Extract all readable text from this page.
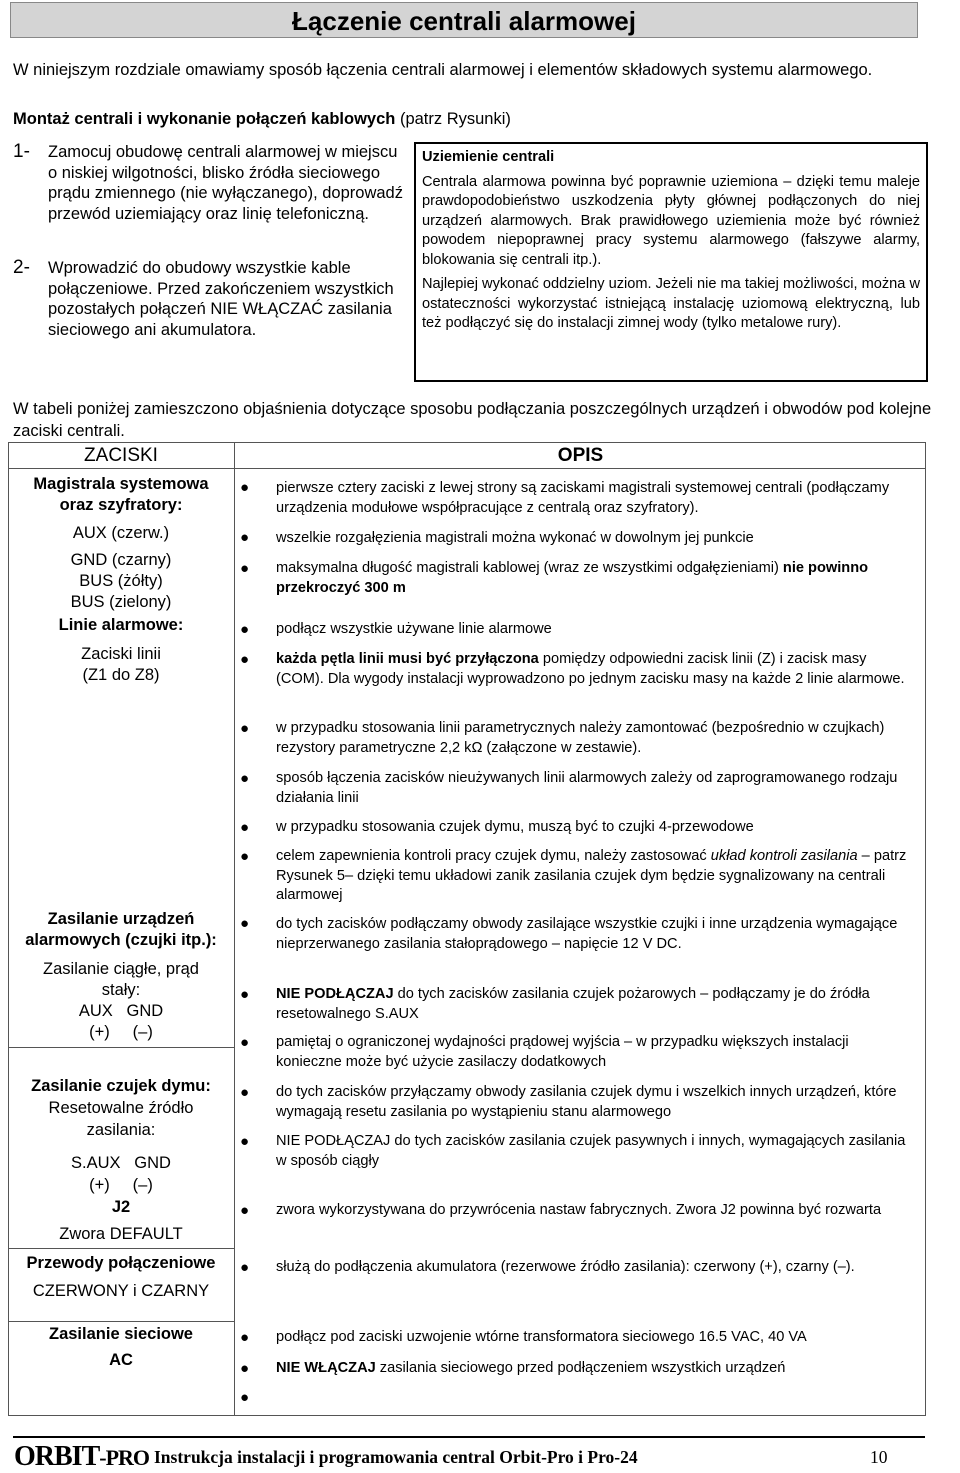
Łączenie centrali alarmowej
W niniejszym rozdziale omawiamy sposób łączenia centrali alarmowej i elementów składowych systemu alarmowego.
Montaż centrali i wykonanie połączeń kablowych (patrz Rysunki)
1- Zamocuj obudowę centrali alarmowej w miejscu o niskiej wilgotności, blisko źródła sieciowego prądu zmiennego (nie wyłączanego), doprowadź przewód uziemiający oraz linię telefoniczną.
2- Wprowadzić do obudowy wszystkie kable połączeniowe. Przed zakończeniem wszystkich pozostałych połączeń NIE WŁĄCZAĆ zasilania sieciowego ani akumulatora.
Uziemienie centrali

Centrala alarmowa powinna być poprawnie uziemiona – dzięki temu maleje prawdopodobieństwo uszkodzenia płyty głównej podłączonych do niej urządzeń alarmowych. Brak prawidłowego uziemienia może być również powodem niepoprawnej pracy systemu alarmowego (fałszywe alarmy, blokowania się centrali itp.).

Najlepiej wykonać oddzielny uziom. Jeżeli nie ma takiej możliwości, można w ostateczności wykorzystać istniejącą instalację uziomową elektryczną, lub też podłączyć się do instalacji zimnej wody (tylko metalowe rury).

W tabeli poniżej zamieszczono objaśnienia dotyczące sposobu podłączania poszczególnych urządzeń i obwodów pod kolejne zaciski centrali.
ZACISKI	OPIS
Magistrala systemowa
oraz szyfratory:
AUX (czerw.)
GND (czarny)
BUS (żółty)
BUS (zielony)
Linie alarmowe:
Zaciski linii
(Z1 do Z8)
Zasilanie urządzeń
alarmowych (czujki itp.):
Zasilanie ciągłe, prąd
stały:
AUX   GND
(+)     (–)
Zasilanie czujek dymu:
Resetowalne źródło
zasilania:
S.AUX   GND
(+)     (–)
J2
Zwora DEFAULT
Przewody połączeniowe
CZERWONY i CZARNY
Zasilanie sieciowe
AC
●
●
●
●
●
●
●
●
●
●
●
●
●
●
●
●
●
●
●
pierwsze cztery zaciski z lewej strony są zaciskami magistrali systemowej centrali (podłączamy urządzenia modułowe współpracujące z centralą oraz szyfratory).
wszelkie rozgałęzienia magistrali można wykonać w dowolnym jej punkcie
maksymalna długość magistrali kablowej (wraz ze wszystkimi odgałęzieniami) nie powinno przekroczyć 300 m
podłącz wszystkie używane linie alarmowe
każda pętla linii musi być przyłączona pomiędzy odpowiedni zacisk linii (Z) i zacisk masy (COM). Dla wygody instalacji wyprowadzono po jednym zacisku masy na każde 2 linie alarmowe.
w przypadku stosowania linii parametrycznych należy zamontować (bezpośrednio w czujkach) rezystory parametryczne 2,2 kΩ (załączone w zestawie).
sposób łączenia zacisków nieużywanych linii alarmowych zależy od zaprogramowanego rodzaju działania linii
w przypadku stosowania czujek dymu, muszą być to czujki 4-przewodowe
celem zapewnienia kontroli pracy czujek dymu, należy zastosować układ kontroli zasilania – patrz Rysunek 5– dzięki temu układowi zanik zasilania czujek dym będzie sygnalizowany na centrali alarmowej
do tych zacisków podłączamy obwody zasilające wszystkie czujki i inne urządzenia wymagające nieprzerwanego zasilania stałoprądowego – napięcie 12 V DC.
NIE PODŁĄCZAJ do tych zacisków zasilania czujek pożarowych – podłączamy je do źródła resetowalnego S.AUX
pamiętaj o ograniczonej wydajności prądowej wyjścia – w przypadku większych instalacji konieczne może być użycie zasilaczy dodatkowych
do tych zacisków przyłączamy obwody zasilania czujek dymu i wszelkich innych urządzeń, które wymagają resetu zasilania po wystąpieniu stanu alarmowego
NIE PODŁĄCZAJ do tych zacisków zasilania czujek pasywnych i innych, wymagających zasilania w sposób ciągły
zwora wykorzystywana do przywrócenia nastaw fabrycznych. Zwora J2 powinna być rozwarta
służą do podłączenia akumulatora (rezerwowe źródło zasilania): czerwony (+), czarny (–).
podłącz pod zaciski uzwojenie wtórne transformatora sieciowego 16.5 VAC, 40 VA
NIE WŁĄCZAJ zasilania sieciowego przed podłączeniem wszystkich urządzeń
ORBIT-PRO Instrukcja instalacji i programowania central Orbit-Pro i Pro-24	10
